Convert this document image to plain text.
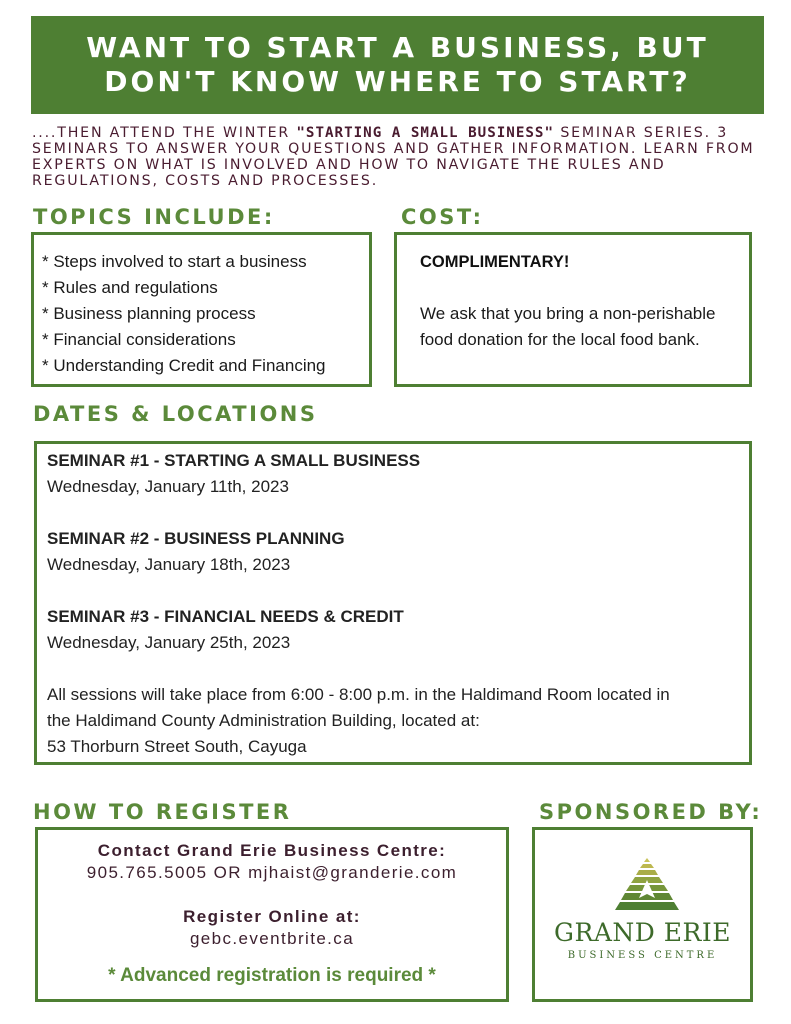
WANT TO START A BUSINESS, BUT
DON'T KNOW WHERE TO START?
....THEN ATTEND THE WINTER "STARTING A SMALL BUSINESS" SEMINAR SERIES. 3 SEMINARS TO ANSWER YOUR QUESTIONS AND GATHER INFORMATION. LEARN FROM EXPERTS ON WHAT IS INVOLVED AND HOW TO NAVIGATE THE RULES AND REGULATIONS, COSTS AND PROCESSES.
TOPICS INCLUDE:	COST:
* Steps involved to start a business
* Rules and regulations
* Business planning process
* Financial considerations
* Understanding Credit and Financing
COMPLIMENTARY!
We ask that you bring a non-perishable food donation for the local food bank.
DATES & LOCATIONS
SEMINAR #1 - STARTING A SMALL BUSINESS
Wednesday, January 11th, 2023
SEMINAR #2 - BUSINESS PLANNING
Wednesday, January 18th, 2023
SEMINAR #3 - FINANCIAL NEEDS & CREDIT
Wednesday, January 25th, 2023
All sessions will take place from 6:00 - 8:00 p.m. in the Haldimand Room located in
the Haldimand County Administration Building, located at:
53 Thorburn Street South, Cayuga
HOW TO REGISTER	SPONSORED BY:
Contact Grand Erie Business Centre:
905.765.5005 OR mjhaist@granderie.com
Register Online at:
gebc.eventbrite.ca
* Advanced registration is required *
GRAND ERIE
BUSINESS CENTRE
